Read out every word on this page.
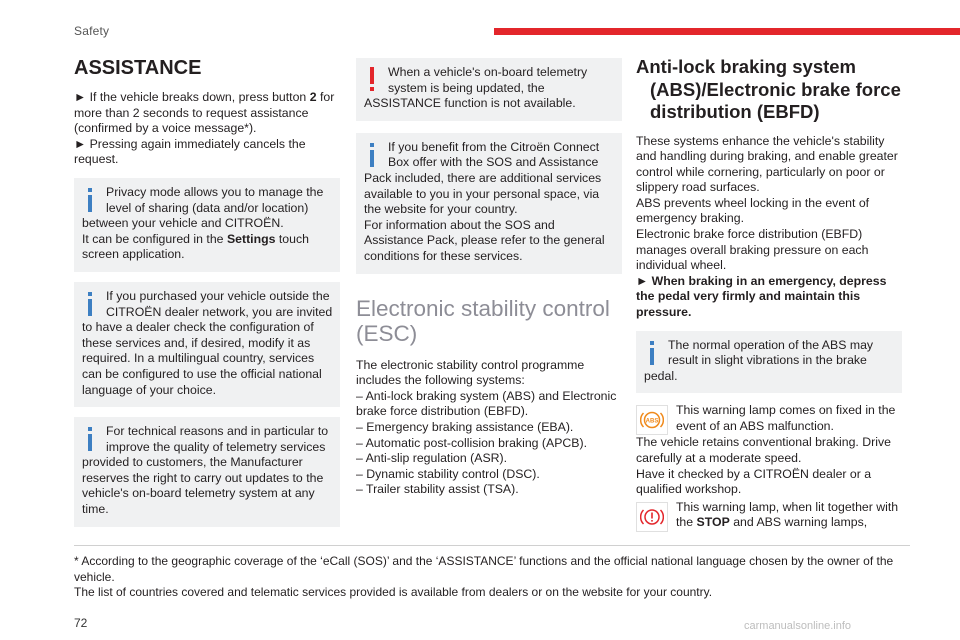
Safety
ASSISTANCE

► If the vehicle breaks down, press button 2 for more than 2 seconds to request assistance (confirmed by a voice message*).

► Pressing again immediately cancels the request.

Privacy mode allows you to manage the level of sharing (data and/or location) between your vehicle and CITROËN.

It can be configured in the Settings touch screen application.

If you purchased your vehicle outside the CITROËN dealer network, you are invited to have a dealer check the configuration of these services and, if desired, modify it as required. In a multilingual country, services can be configured to use the official national language of your choice.

For technical reasons and in particular to improve the quality of telemetry services provided to customers, the Manufacturer reserves the right to carry out updates to the vehicle's on-board telemetry system at any time.

When a vehicle's on-board telemetry system is being updated, the ASSISTANCE function is not available.

If you benefit from the Citroën Connect Box offer with the SOS and Assistance Pack included, there are additional services available to you in your personal space, via the website for your country.

For information about the SOS and Assistance Pack, please refer to the general conditions for these services.

Electronic stability control (ESC)

The electronic stability control programme includes the following systems:

– Anti-lock braking system (ABS) and Electronic brake force distribution (EBFD).

– Emergency braking assistance (EBA).

– Automatic post-collision braking (APCB).

– Anti-slip regulation (ASR).

– Dynamic stability control (DSC).

– Trailer stability assist (TSA).

Anti-lock braking system
(ABS)/Electronic brake force distribution (EBFD)

These systems enhance the vehicle's stability and handling during braking, and enable greater control while cornering, particularly on poor or slippery road surfaces.

ABS prevents wheel locking in the event of emergency braking.

Electronic brake force distribution (EBFD) manages overall braking pressure on each individual wheel.

► When braking in an emergency, depress the pedal very firmly and maintain this pressure.

The normal operation of the ABS may result in slight vibrations in the brake pedal.

ABS

This warning lamp comes on fixed in the event of an ABS malfunction.

The vehicle retains conventional braking. Drive carefully at a moderate speed.

Have it checked by a CITROËN dealer or a qualified workshop.

This warning lamp, when lit together with the STOP and ABS warning lamps,

* According to the geographic coverage of the ‘eCall (SOS)’ and the ‘ASSISTANCE’ functions and the official national language chosen by the owner of the vehicle.

The list of countries covered and telematic services provided is available from dealers or on the website for your country.

72	carmanualsonline.info
